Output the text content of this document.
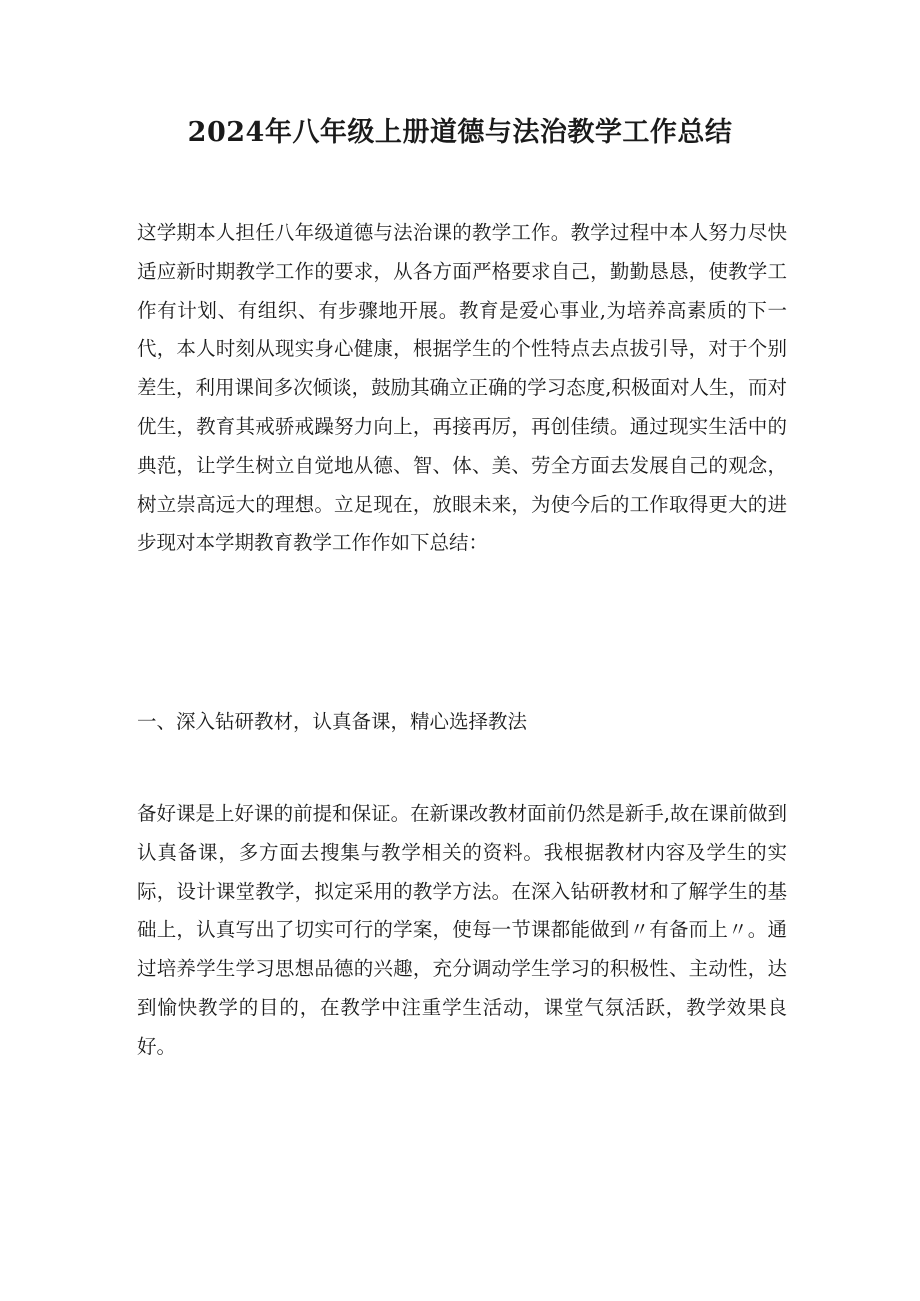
2024年八年级上册道德与法治教学工作总结

这学期本人担任八年级道德与法治课的教学工作。教学过程中本人努力尽快适应新时期教学工作的要求，从各方面严格要求自己，勤勤恳恳，使教学工作有计划、有组织、有步骤地开展。教育是爱心事业,为培养高素质的下一代，本人时刻从现实身心健康，根据学生的个性特点去点拔引导，对于个别差生，利用课间多次倾谈，鼓励其确立正确的学习态度,积极面对人生，而对优生，教育其戒骄戒躁努力向上，再接再厉，再创佳绩。通过现实生活中的典范，让学生树立自觉地从德、智、体、美、劳全方面去发展自己的观念，树立崇高远大的理想。立足现在，放眼未来，为使今后的工作取得更大的进步现对本学期教育教学工作作如下总结：

一、深入钻研教材，认真备课，精心选择教法

备好课是上好课的前提和保证。在新课改教材面前仍然是新手,故在课前做到认真备课，多方面去搜集与教学相关的资料。我根据教材内容及学生的实际，设计课堂教学，拟定采用的教学方法。在深入钻研教材和了解学生的基础上，认真写出了切实可行的学案，使每一节课都能做到〃有备而上〃。通过培养学生学习思想品德的兴趣，充分调动学生学习的积极性、主动性，达到愉快教学的目的，在教学中注重学生活动，课堂气氛活跃，教学效果良好。
